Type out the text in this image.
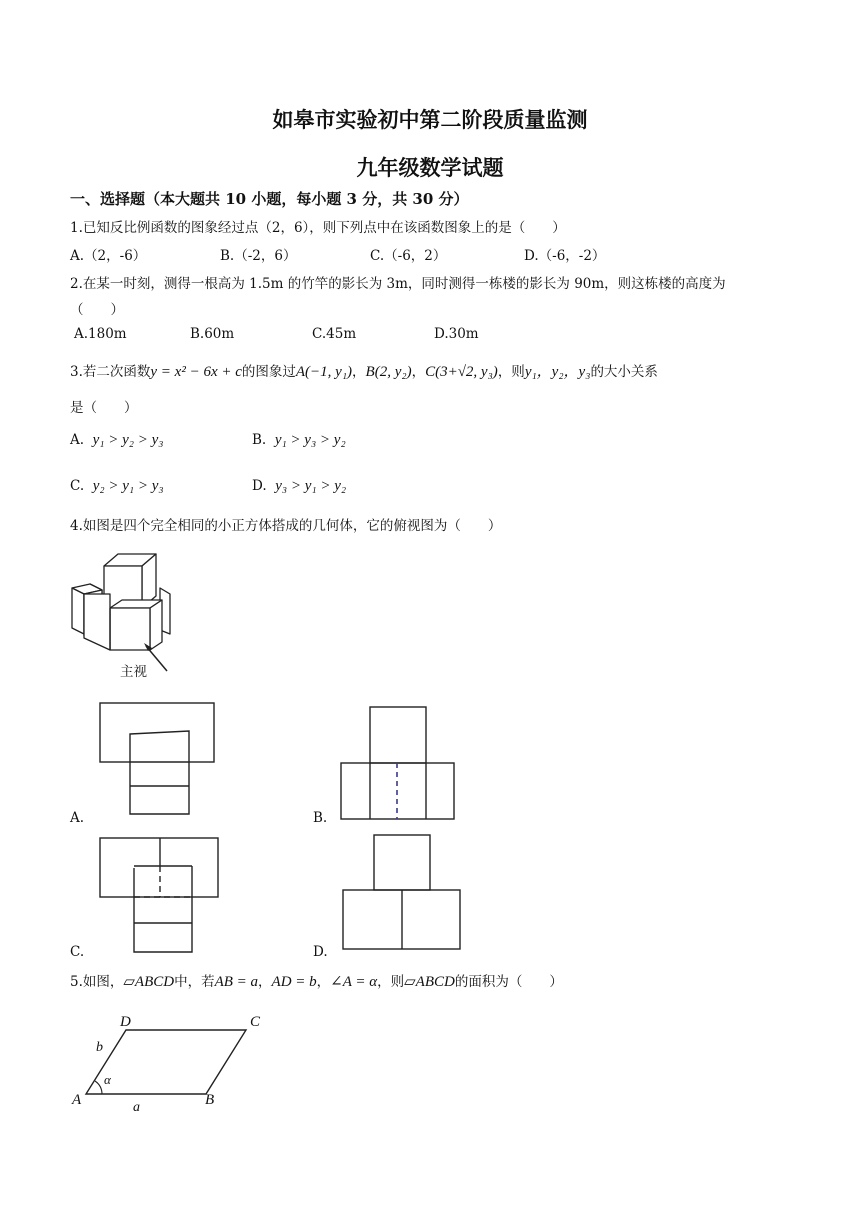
如皋市实验初中第二阶段质量监测
九年级数学试题
一、选择题（本大题共 10 小题，每小题 3 分，共 30 分）
1.已知反比例函数的图象经过点（2，6），则下列点中在该函数图象上的是（　　）
A.（2，-6）	B.（-2，6）	C.（-6，2）	D.（-6，-2）
2.在某一时刻，测得一根高为 1.5m 的竹竿的影长为 3m，同时测得一栋楼的影长为 90m，则这栋楼的高度为
（　　）
A.180m	B.60m	C.45m	D.30m
3.若二次函数y = x² − 6x + c的图象过A(−1, y₁)，B(2, y₂)，C(3+√2, y₃)，则y₁，y₂，y₃的大小关系
是（　　）
A. y₁ > y₂ > y₃	B. y₁ > y₃ > y₂
C. y₂ > y₁ > y₃	D. y₃ > y₁ > y₂
4.如图是四个完全相同的小正方体搭成的几何体，它的俯视图为（　　）
主视
A.	B.
C.	D.
5.如图，▱ABCD中，若AB = a，AD = b，∠A = α，则▱ABCD的面积为（　　）
A	B
C
D
a
b
α
